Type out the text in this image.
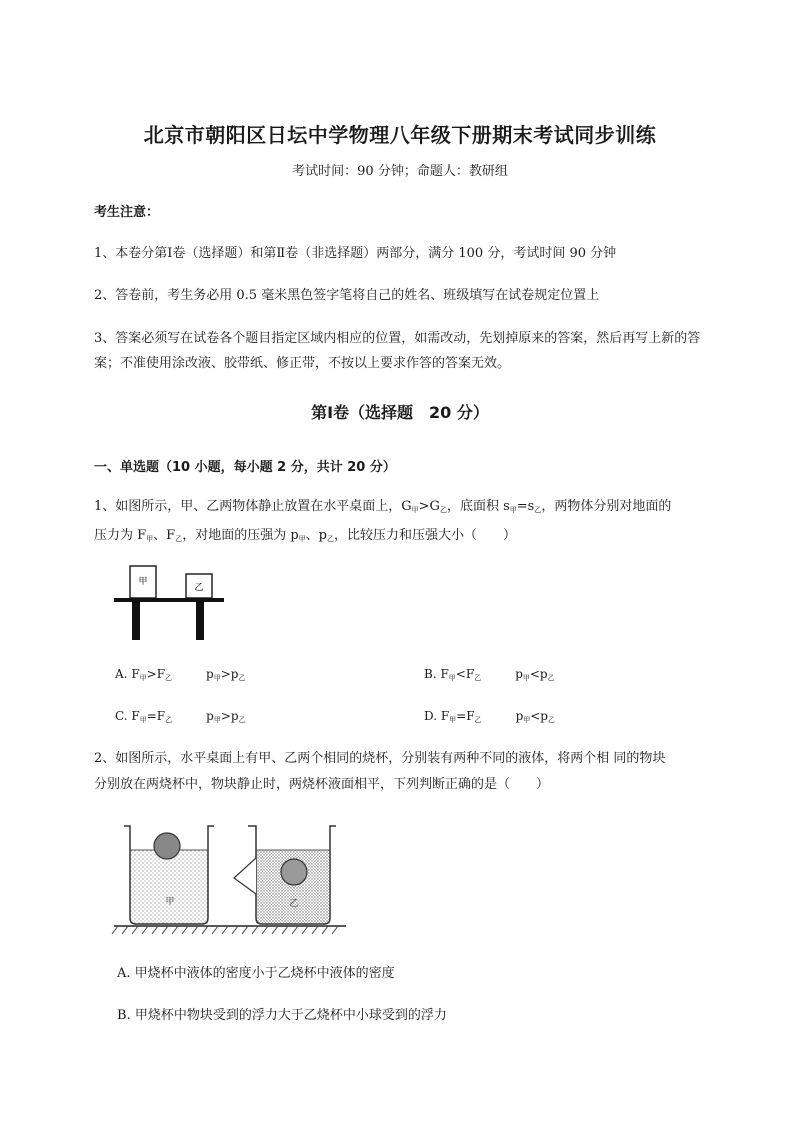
北京市朝阳区日坛中学物理八年级下册期末考试同步训练
考试时间：90 分钟；命题人：教研组
考生注意：
1、本卷分第Ⅰ卷（选择题）和第Ⅱ卷（非选择题）两部分，满分 100 分，考试时间 90 分钟
2、答卷前，考生务必用 0.5 毫米黑色签字笔将自己的姓名、班级填写在试卷规定位置上
3、答案必须写在试卷各个题目指定区域内相应的位置，如需改动，先划掉原来的答案，然后再写上新的答案；不准使用涂改液、胶带纸、修正带，不按以上要求作答的答案无效。
第Ⅰ卷（选择题　20 分）
一、单选题（10 小题，每小题 2 分，共计 20 分）
1、如图所示，甲、乙两物体静止放置在水平桌面上，$G_甲>G_乙$，底面积 $s_甲=s_乙$，两物体分别对地面的
压力为 $F_甲$、$F_乙$，对地面的压强为 $p_甲$、$p_乙$，比较压力和压强大小（　　）
甲
乙
A. $F_甲>F_乙$	$p_甲>p_乙$	B. $F_甲<F_乙$	$p_甲<p_乙$
C. $F_甲=F_乙$	$p_甲>p_乙$	D. $F_甲=F_乙$	$p_甲<p_乙$
2、如图所示，水平桌面上有甲、乙两个相同的烧杯，分别装有两种不同的液体，将两个相 同的物块
分别放在两烧杯中，物块静止时，两烧杯液面相平，下列判断正确的是（　　）
甲	乙
A. 甲烧杯中液体的密度小于乙烧杯中液体的密度
B. 甲烧杯中物块受到的浮力大于乙烧杯中小球受到的浮力
